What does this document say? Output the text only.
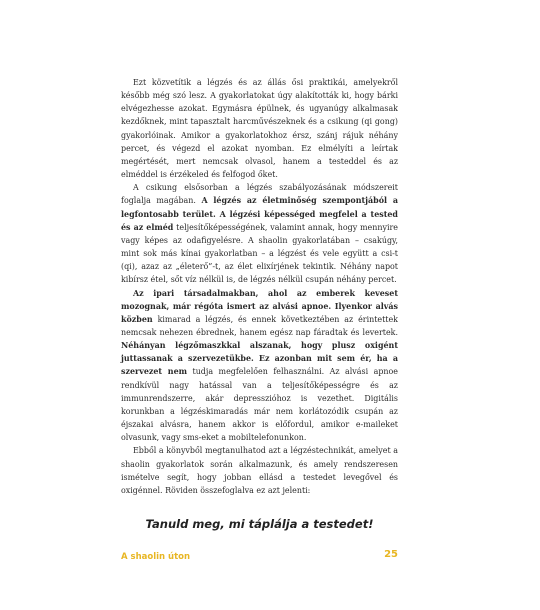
Ezt közvetítik a légzés és az állás ősi praktikái, amelyekről később még szó lesz. A gyakorlatokat úgy alakították ki, hogy bárki elvégezhesse azokat. Egymásra épülnek, és ugyanúgy alkalmasak kezdőknek, mint tapasztalt harcművészeknek és a csikung (qi gong) gyakorlóinak. Amikor a gyakorlatokhoz érsz, szánj rájuk néhány percet, és végezd el azokat nyomban. Ez elmélyíti a leírtak megértését, mert nemcsak olvasol, hanem a testeddel és az elméddel is érzékeled és felfogod őket.

A csikung elsősorban a légzés szabályozásának módszereit foglalja magában. A légzés az életminőség szempontjából a legfontosabb terület. A légzési képességed megfelel a tested és az elméd teljesítőképességének, valamint annak, hogy mennyire vagy képes az odafigyelésre. A shaolin gyakorlatában – csakúgy, mint sok más kínai gyakorlatban – a légzést és vele együtt a csi-t (qi), azaz az „életerő”-t, az élet elixírjének tekintik. Néhány napot kibírsz étel, sőt víz nélkül is, de légzés nélkül csupán néhány percet.

Az ipari társadalmakban, ahol az emberek keveset mozognak, már régóta ismert az alvási apnoe. Ilyenkor alvás közben kimarad a légzés, és ennek következtében az érintettek nemcsak nehezen ébrednek, hanem egész nap fáradtak és levertek. Néhányan légzőmaszkkal alszanak, hogy plusz oxigént juttassanak a szervezetükbe. Ez azonban mit sem ér, ha a szervezet nem tudja megfelelően felhasználni. Az alvási apnoe rendkívül nagy hatással van a teljesítőképességre és az immunrendszerre, akár depresszióhoz is vezethet. Digitális korunkban a légzéskimaradás már nem korlátozódik csupán az éjszakai alvásra, hanem akkor is előfordul, amikor e-maileket olvasunk, vagy sms-eket a mobiltelefonunkon.

Ebből a könyvből megtanulhatod azt a légzéstechnikát, amelyet a shaolin gyakorlatok során alkalmazunk, és amely rendszeresen ismételve segít, hogy jobban ellásd a testedet levegővel és oxigénnel. Röviden összefoglalva ez azt jelenti:

Tanuld meg, mi táplálja a testedet!
A shaolin úton	25
